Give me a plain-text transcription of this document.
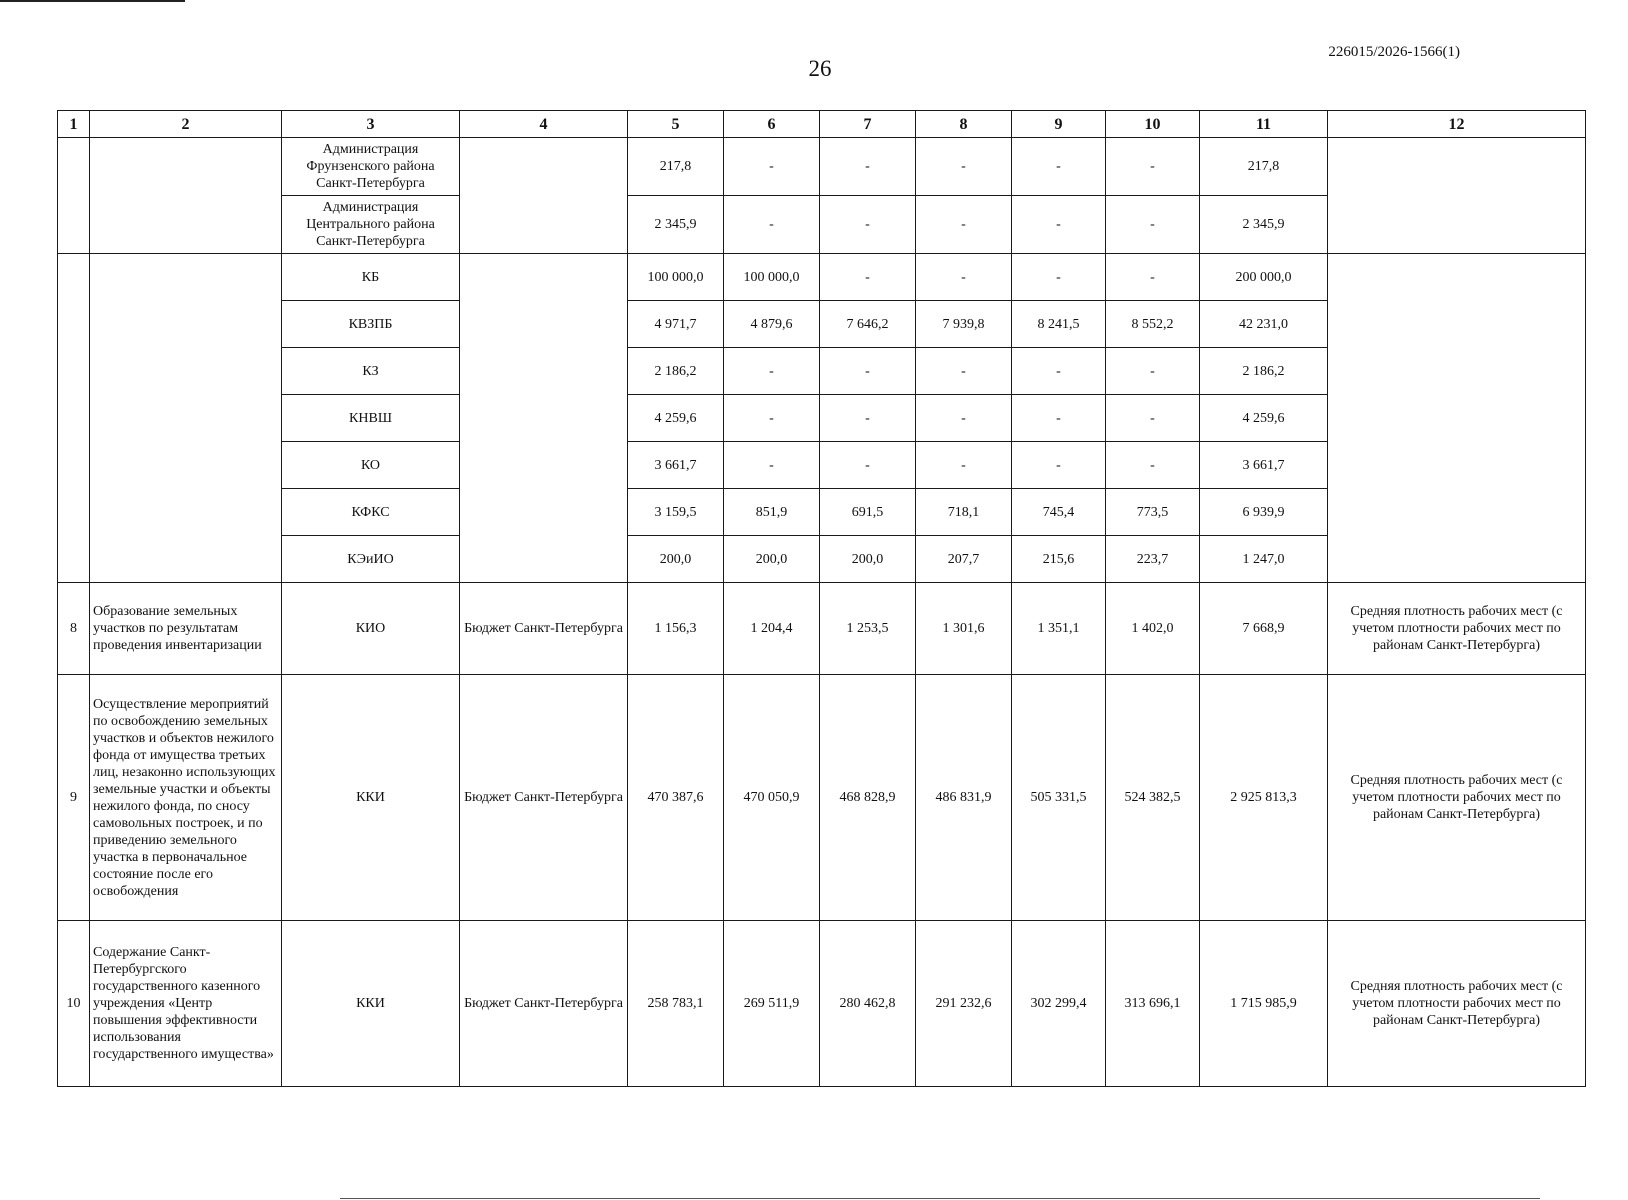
26
226015/2026-1566(1)
1	2	3	4	5	6	7	8	9	10	11	12
		Администрация Фрунзенского района Санкт-Петербурга		217,8	-	-	-	-	-	217,8	
		Администрация Центрального района Санкт-Петербурга		2 345,9	-	-	-	-	-	2 345,9	
		КБ		100 000,0	100 000,0	-	-	-	-	200 000,0	
		КВЗПБ		4 971,7	4 879,6	7 646,2	7 939,8	8 241,5	8 552,2	42 231,0	
		КЗ		2 186,2	-	-	-	-	-	2 186,2	
		КНВШ		4 259,6	-	-	-	-	-	4 259,6	
		КО		3 661,7	-	-	-	-	-	3 661,7	
		КФКС		3 159,5	851,9	691,5	718,1	745,4	773,5	6 939,9	
		КЭиИО		200,0	200,0	200,0	207,7	215,6	223,7	1 247,0	
8	Образование земельных участков по результатам проведения инвентаризации	КИО	Бюджет Санкт-Петербурга	1 156,3	1 204,4	1 253,5	1 301,6	1 351,1	1 402,0	7 668,9	Средняя плотность рабочих мест (с учетом плотности рабочих мест по районам Санкт-Петербурга)
9	Осуществление мероприятий по освобождению земельных участков и объектов нежилого фонда от имущества третьих лиц, незаконно использующих земельные участки и объекты нежилого фонда, по сносу самовольных построек, и по приведению земельного участка в первоначальное состояние после его освобождения	ККИ	Бюджет Санкт-Петербурга	470 387,6	470 050,9	468 828,9	486 831,9	505 331,5	524 382,5	2 925 813,3	Средняя плотность рабочих мест (с учетом плотности рабочих мест по районам Санкт-Петербурга)
10	Содержание Санкт-Петербургского государственного казенного учреждения «Центр повышения эффективности использования государственного имущества»	ККИ	Бюджет Санкт-Петербурга	258 783,1	269 511,9	280 462,8	291 232,6	302 299,4	313 696,1	1 715 985,9	Средняя плотность рабочих мест (с учетом плотности рабочих мест по районам Санкт-Петербурга)
